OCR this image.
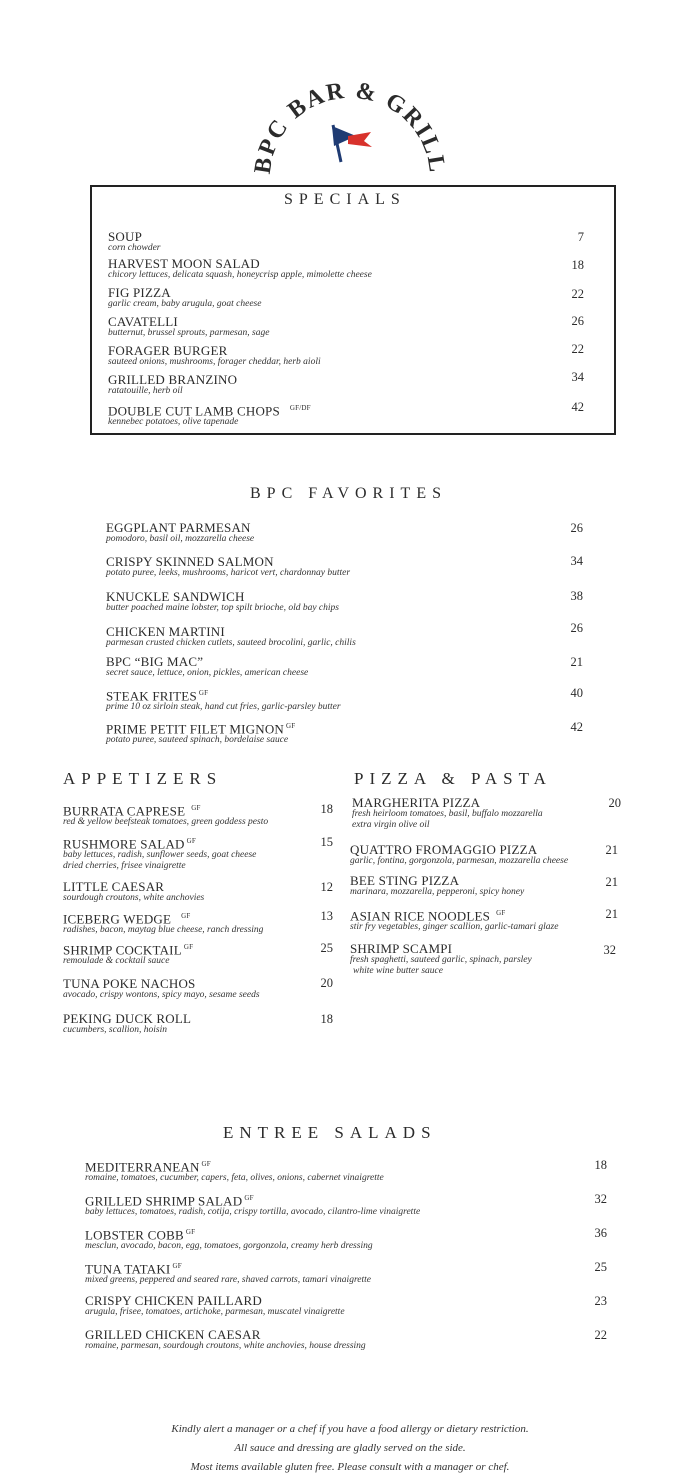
BPC BAR & GRILL
SPECIALS
SOUP
corn chowder
7
HARVEST MOON SALAD
chicory lettuces, delicata squash, honeycrisp apple, mimolette cheese
18
FIG PIZZA
garlic cream, baby arugula, goat cheese
22
CAVATELLI
butternut, brussel sprouts, parmesan, sage
26
FORAGER BURGER
sauteed onions, mushrooms, forager cheddar, herb aioli
22
GRILLED BRANZINO
ratatouille, herb oil
34
DOUBLE CUT LAMB CHOPS $^{GF/DF}$
kennebec potatoes, olive tapenade
42
BPC FAVORITES
EGGPLANT PARMESAN
pomodoro, basil oil, mozzarella cheese
26
CRISPY SKINNED SALMON
potato puree, leeks, mushrooms, haricot vert, chardonnay butter
34
KNUCKLE SANDWICH
butter poached maine lobster, top spilt brioche, old bay chips
38
CHICKEN MARTINI
parmesan crusted chicken cutlets, sauteed brocolini, garlic, chilis
26
BPC “BIG MAC”
secret sauce, lettuce, onion, pickles, american cheese
21
STEAK FRITES $^{GF}$
prime 10 oz sirloin steak, hand cut fries, garlic-parsley butter
40
PRIME PETIT FILET MIGNON $^{GF}$
potato puree, sauteed spinach, bordelaise sauce
42
APPETIZERS
BURRATA CAPRESE $^{GF}$
red & yellow beefsteak tomatoes, green goddess pesto
18
RUSHMORE SALAD $^{GF}$
baby lettuces, radish, sunflower seeds, goat cheese
dried cherries, frisee vinaigrette
15
LITTLE CAESAR
sourdough croutons, white anchovies
12
ICEBERG WEDGE $^{GF}$
radishes, bacon, maytag blue cheese, ranch dressing
13
SHRIMP COCKTAIL $^{GF}$
remoulade & cocktail sauce
25
TUNA POKE NACHOS
avocado, crispy wontons, spicy mayo, sesame seeds
20
PEKING DUCK ROLL
cucumbers, scallion, hoisin
18
PIZZA & PASTA
MARGHERITA PIZZA
fresh heirloom tomatoes, basil, buffalo mozzarella
extra virgin olive oil
20
QUATTRO FROMAGGIO PIZZA
garlic, fontina, gorgonzola, parmesan, mozzarella cheese
21
BEE STING PIZZA
marinara, mozzarella, pepperoni, spicy honey
21
ASIAN RICE NOODLES $^{GF}$
stir fry vegetables, ginger scallion, garlic-tamari glaze
21
SHRIMP SCAMPI
fresh spaghetti, sauteed garlic, spinach, parsley
white wine butter sauce
32
ENTREE SALADS
MEDITERRANEAN $^{GF}$
romaine, tomatoes, cucumber, capers, feta, olives, onions, cabernet vinaigrette
18
GRILLED SHRIMP SALAD $^{GF}$
baby lettuces, tomatoes, radish, cotija, crispy tortilla, avocado, cilantro-lime vinaigrette
32
LOBSTER COBB $^{GF}$
mesclun, avocado, bacon, egg, tomatoes, gorgonzola, creamy herb dressing
36
TUNA TATAKI $^{GF}$
mixed greens, peppered and seared rare, shaved carrots, tamari vinaigrette
25
CRISPY CHICKEN PAILLARD
arugula, frisee, tomatoes, artichoke, parmesan, muscatel vinaigrette
23
GRILLED CHICKEN CAESAR
romaine, parmesan, sourdough croutons, white anchovies, house dressing
22
Kindly alert a manager or a chef if you have a food allergy or dietary restriction.
All sauce and dressing are gladly served on the side.
Most items available gluten free. Please consult with a manager or chef.
